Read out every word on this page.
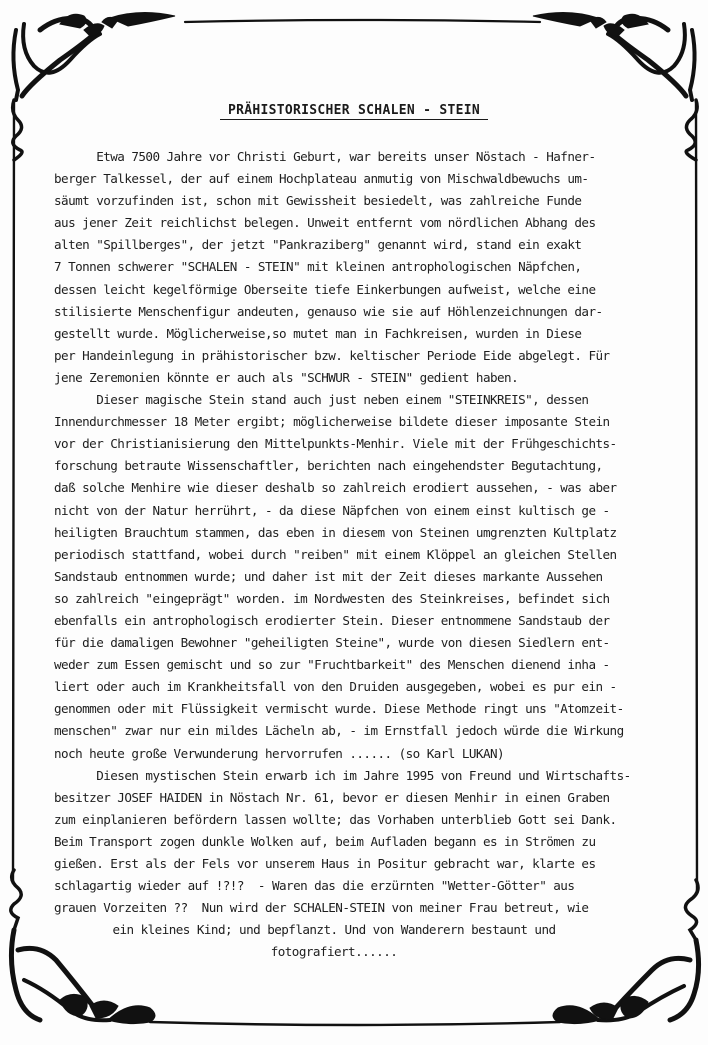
PRÄHISTORISCHER SCHALEN - STEIN
Etwa 7500 Jahre vor Christi Geburt, war bereits unser Nöstach - Hafner-
berger Talkessel, der auf einem Hochplateau anmutig von Mischwaldbewuchs um-
säumt vorzufinden ist, schon mit Gewissheit besiedelt, was zahlreiche Funde
aus jener Zeit reichlichst belegen. Unweit entfernt vom nördlichen Abhang des
alten "Spillberges", der jetzt "Pankraziberg" genannt wird, stand ein exakt
7 Tonnen schwerer "SCHALEN - STEIN" mit kleinen antrophologischen Näpfchen,
dessen leicht kegelförmige Oberseite tiefe Einkerbungen aufweist, welche eine
stilisierte Menschenfigur andeuten, genauso wie sie auf Höhlenzeichnungen dar-
gestellt wurde. Möglicherweise,so mutet man in Fachkreisen, wurden in Diese
per Handeinlegung in prähistorischer bzw. keltischer Periode Eide abgelegt. Für
jene Zeremonien könnte er auch als "SCHWUR - STEIN" gedient haben.
Dieser magische Stein stand auch just neben einem "STEINKREIS", dessen
Innendurchmesser 18 Meter ergibt; möglicherweise bildete dieser imposante Stein
vor der Christianisierung den Mittelpunkts-Menhir. Viele mit der Frühgeschichts-
forschung betraute Wissenschaftler, berichten nach eingehendster Begutachtung,
daß solche Menhire wie dieser deshalb so zahlreich erodiert aussehen, - was aber
nicht von der Natur herrührt, - da diese Näpfchen von einem einst kultisch ge -
heiligten Brauchtum stammen, das eben in diesem von Steinen umgrenzten Kultplatz
periodisch stattfand, wobei durch "reiben" mit einem Klöppel an gleichen Stellen
Sandstaub entnommen wurde; und daher ist mit der Zeit dieses markante Aussehen
so zahlreich "eingeprägt" worden. im Nordwesten des Steinkreises, befindet sich
ebenfalls ein antrophologisch erodierter Stein. Dieser entnommene Sandstaub der
für die damaligen Bewohner "geheiligten Steine", wurde von diesen Siedlern ent-
weder zum Essen gemischt und so zur "Fruchtbarkeit" des Menschen dienend inha -
liert oder auch im Krankheitsfall von den Druiden ausgegeben, wobei es pur ein -
genommen oder mit Flüssigkeit vermischt wurde. Diese Methode ringt uns "Atomzeit-
menschen" zwar nur ein mildes Lächeln ab, - im Ernstfall jedoch würde die Wirkung
noch heute große Verwunderung hervorrufen ...... (so Karl LUKAN)
Diesen mystischen Stein erwarb ich im Jahre 1995 von Freund und Wirtschafts-
besitzer JOSEF HAIDEN in Nöstach Nr. 61, bevor er diesen Menhir in einen Graben
zum einplanieren befördern lassen wollte; das Vorhaben unterblieb Gott sei Dank.
Beim Transport zogen dunkle Wolken auf, beim Aufladen begann es in Strömen zu
gießen. Erst als der Fels vor unserem Haus in Positur gebracht war, klarte es
schlagartig wieder auf !?!?  - Waren das die erzürnten "Wetter-Götter" aus
grauen Vorzeiten ??  Nun wird der SCHALEN-STEIN von meiner Frau betreut, wie
ein kleines Kind; und bepflanzt. Und von Wanderern bestaunt und
fotografiert......
